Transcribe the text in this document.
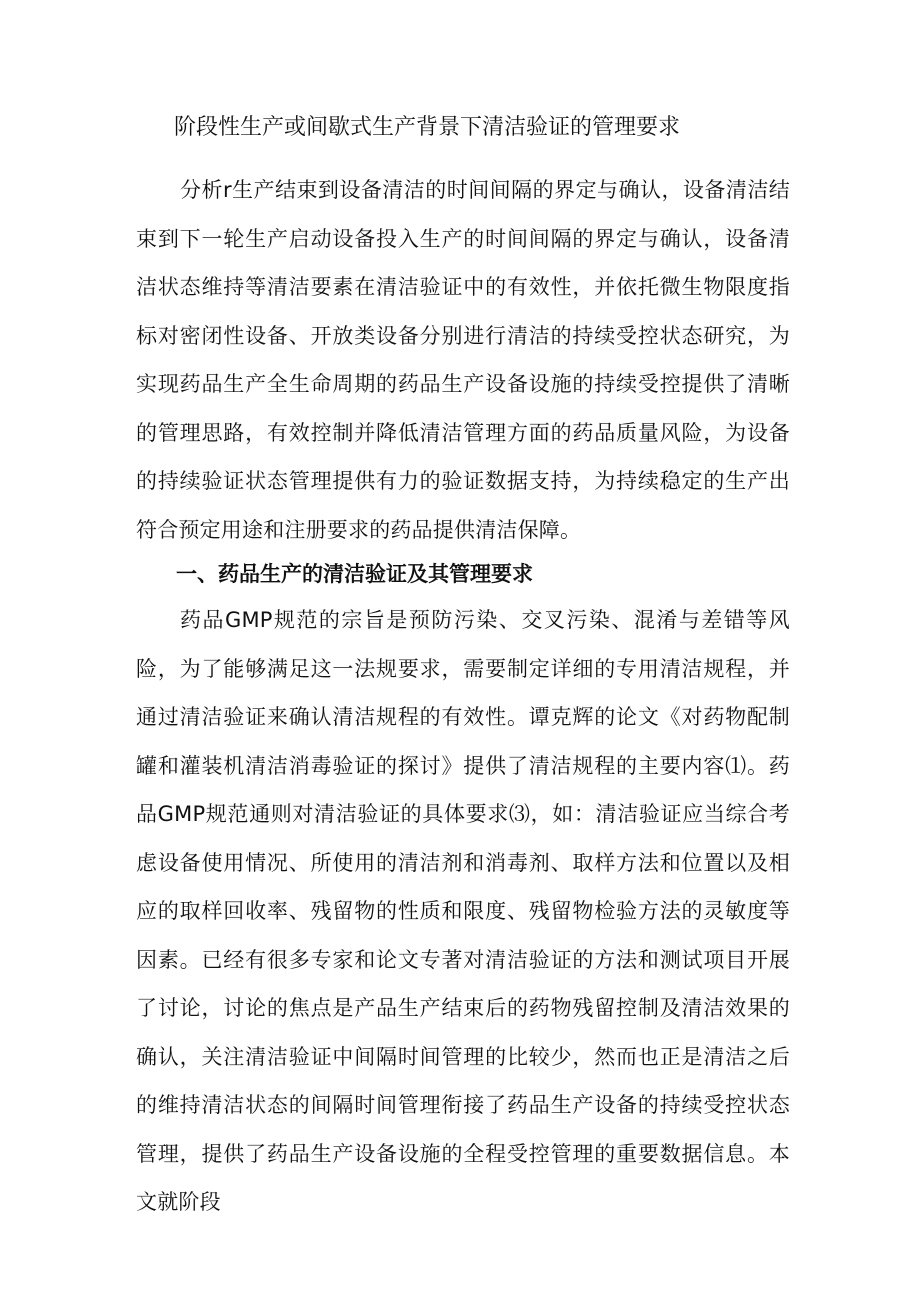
阶段性生产或间歇式生产背景下清洁验证的管理要求

分析r生产结束到设备清洁的时间间隔的界定与确认，设备清洁结束到下一轮生产启动设备投入生产的时间间隔的界定与确认，设备清洁状态维持等清洁要素在清洁验证中的有效性，并依托微生物限度指标对密闭性设备、开放类设备分别进行清洁的持续受控状态研究，为实现药品生产全生命周期的药品生产设备设施的持续受控提供了清晰的管理思路，有效控制并降低清洁管理方面的药品质量风险，为设备的持续验证状态管理提供有力的验证数据支持，为持续稳定的生产出符合预定用途和注册要求的药品提供清洁保障。

一、药品生产的清洁验证及其管理要求

药品GMP规范的宗旨是预防污染、交叉污染、混淆与差错等风险，为了能够满足这一法规要求，需要制定详细的专用清洁规程，并通过清洁验证来确认清洁规程的有效性。谭克辉的论文《对药物配制罐和灌装机清洁消毒验证的探讨》提供了清洁规程的主要内容⑴。药品GMP规范通则对清洁验证的具体要求⑶，如：清洁验证应当综合考虑设备使用情况、所使用的清洁剂和消毒剂、取样方法和位置以及相应的取样回收率、残留物的性质和限度、残留物检验方法的灵敏度等因素。已经有很多专家和论文专著对清洁验证的方法和测试项目开展了讨论，讨论的焦点是产品生产结束后的药物残留控制及清洁效果的确认，关注清洁验证中间隔时间管理的比较少，然而也正是清洁之后的维持清洁状态的间隔时间管理衔接了药品生产设备的持续受控状态管理，提供了药品生产设备设施的全程受控管理的重要数据信息。本文就阶段
